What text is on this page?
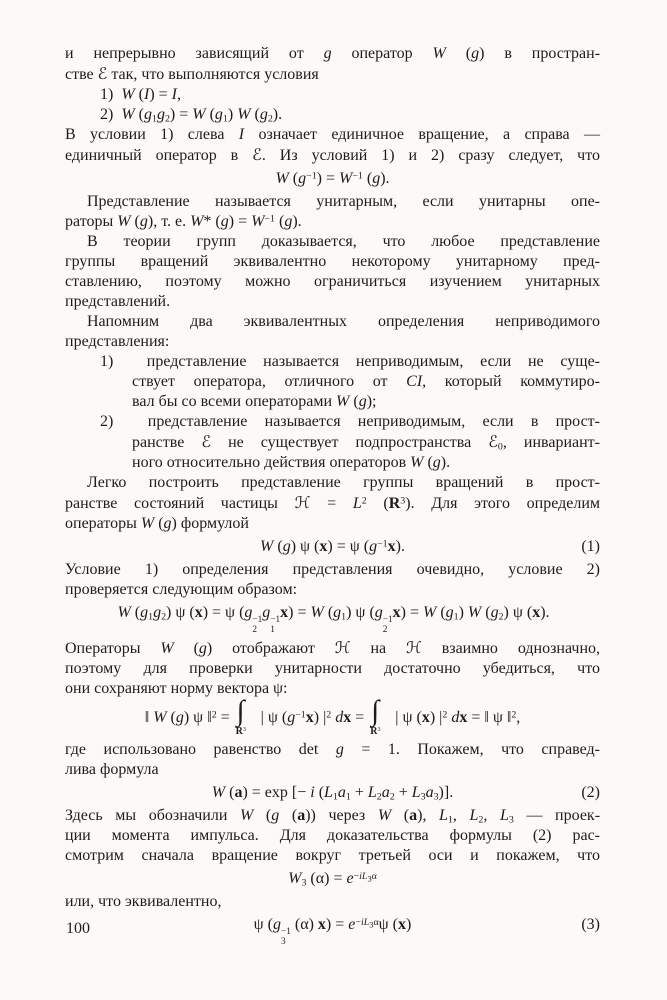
и непрерывно зависящий от g оператор W (g) в простран-
стве ℰ так, что выполняются условия
1)  W (I) = I,
2)  W $(g_1g_2) = W$ $(g_1)$ W $(g_2)$.
В условии 1) слева I означает единичное вращение, а справа —
единичный оператор в ℰ. Из условий 1) и 2) сразу следует, что
W $(g^{-1}) = W^{-1}$ (g).
Представление называется унитарным, если унитарны опе-
раторы W (g), т. е. W* $(g) = W^{-1}$ (g).
В теории групп доказывается, что любое представление
группы вращений эквивалентно некоторому унитарному пред-
ставлению, поэтому можно ограничиться изучением унитарных
представлений.
Напомним два эквивалентных определения неприводимого
представления:
1)  представление называется неприводимым, если не суще-
ствует оператора, отличного от CI, который коммутиро-
вал бы со всеми операторами W (g);
2)  представление называется неприводимым, если в прост-
ранстве ℰ не существует подпространства ℰ$_0$, инвариант-
ного относительно действия операторов W (g).
Легко построить представление группы вращений в прост-
ранстве состояний частицы ℋ = $L^2$ $(R^3)$. Для этого определим
операторы W (g) формулой
W (g) ψ (x) = ψ $(g^{-1}x)$.	(1)
Условие 1) определения представления очевидно, условие 2)
проверяется следующим образом:
W $(g_1g_2)$ ψ (x) = ψ (g −1
2
g −1
1
x) = W $(g_1)$ ψ (g −1
2
x) = W $(g_1)$ W $(g_2)$ ψ (x).
Операторы W (g) отображают ℋ на ℋ взаимно однозначно,
поэтому для проверки унитарности достаточно убедиться, что
они сохраняют норму вектора ψ:
‖ W (g) ψ ‖$^2$ = ∫
$R^3$
| ψ $(g^{-1}x)$ $|^2$ dx = ∫
$R^3$
| ψ (x) $|^2$ dx = ‖ ψ ‖$^2$,
где использовано равенство det g = 1. Покажем, что справед-
лива формула
W (a) = exp [− i $(L_1a_1 + L_2a_2 + L_3a_3)$].	(2)
Здесь мы обозначили W (g (a)) через W (a), $L_1$, $L_2$, $L_3$ — проек-
ции момента импульса. Для доказательства формулы (2) рас-
смотрим сначала вращение вокруг третьей оси и покажем, что
$W_3$ $(\alpha) = e^{-iL_3\alpha}$
или, что эквивалентно,
ψ (g −1
3
(α) $x) = e^{-iL_3\alpha}\psi$ (x)	(3)
100
